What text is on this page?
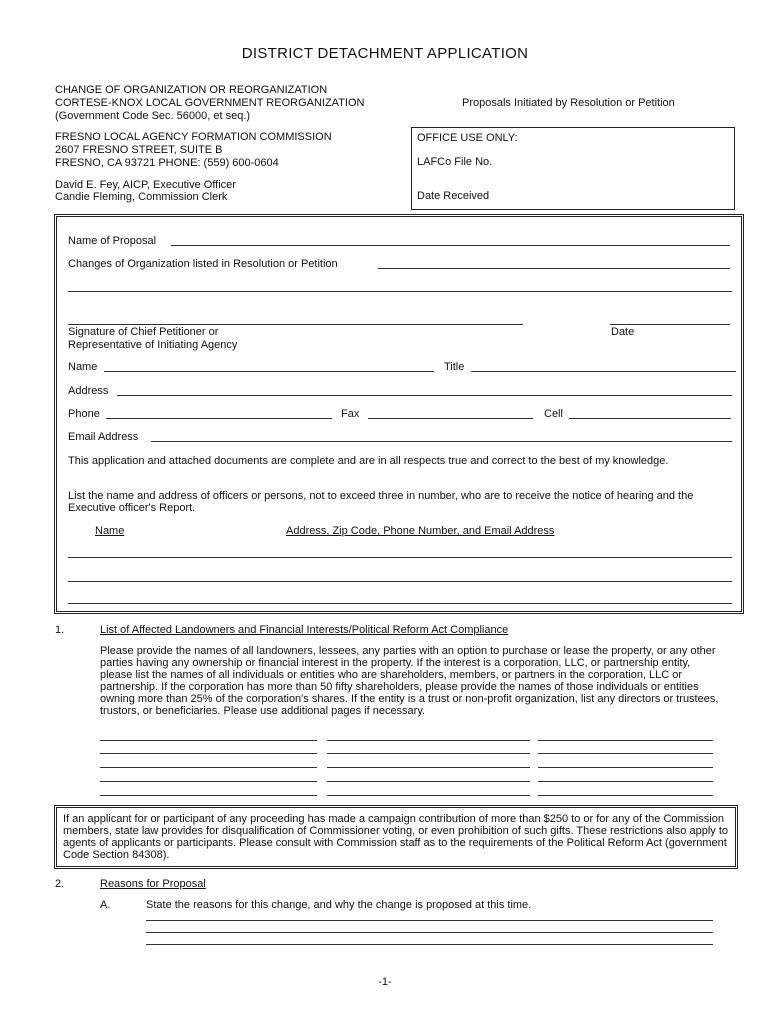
DISTRICT DETACHMENT APPLICATION
CHANGE OF ORGANIZATION OR REORGANIZATION
CORTESE-KNOX LOCAL GOVERNMENT REORGANIZATION
(Government Code Sec. 56000, et seq.)
Proposals Initiated by Resolution or Petition
FRESNO LOCAL AGENCY FORMATION COMMISSION
2607 FRESNO STREET, SUITE B
FRESNO, CA 93721 PHONE: (559) 600-0604
David E. Fey, AICP, Executive Officer
Candie Fleming, Commission Clerk
OFFICE USE ONLY:
LAFCo File No.
Date Received
Name of Proposal
Changes of Organization listed in Resolution or Petition
Signature of Chief Petitioner or
Representative of Initiating Agency
Date
Name	Title
Address
Phone	Fax	Cell
Email Address
This application and attached documents are complete and are in all respects true and correct to the best of my knowledge.
List the name and address of officers or persons, not to exceed three in number, who are to receive the notice of hearing and the Executive officer's Report.
Name	Address, Zip Code, Phone Number, and Email Address
1.	List of Affected Landowners and Financial Interests/Political Reform Act Compliance
Please provide the names of all landowners, lessees, any parties with an option to purchase or lease the property, or any other parties having any ownership or financial interest in the property. If the interest is a corporation, LLC, or partnership entity, please list the names of all individuals or entities who are shareholders, members, or partners in the corporation, LLC or partnership. If the corporation has more than 50 fifty shareholders, please provide the names of those individuals or entities owning more than 25% of the corporation's shares. If the entity is a trust or non-profit organization, list any directors or trustees, trustors, or beneficiaries. Please use additional pages if necessary.
If an applicant for or participant of any proceeding has made a campaign contribution of more than $250 to or for any of the Commission members, state law provides for disqualification of Commissioner voting, or even prohibition of such gifts. These restrictions also apply to agents of applicants or participants. Please consult with Commission staff as to the requirements of the Political Reform Act (government Code Section 84308).
2.	Reasons for Proposal
A.	State the reasons for this change, and why the change is proposed at this time.
-1-
